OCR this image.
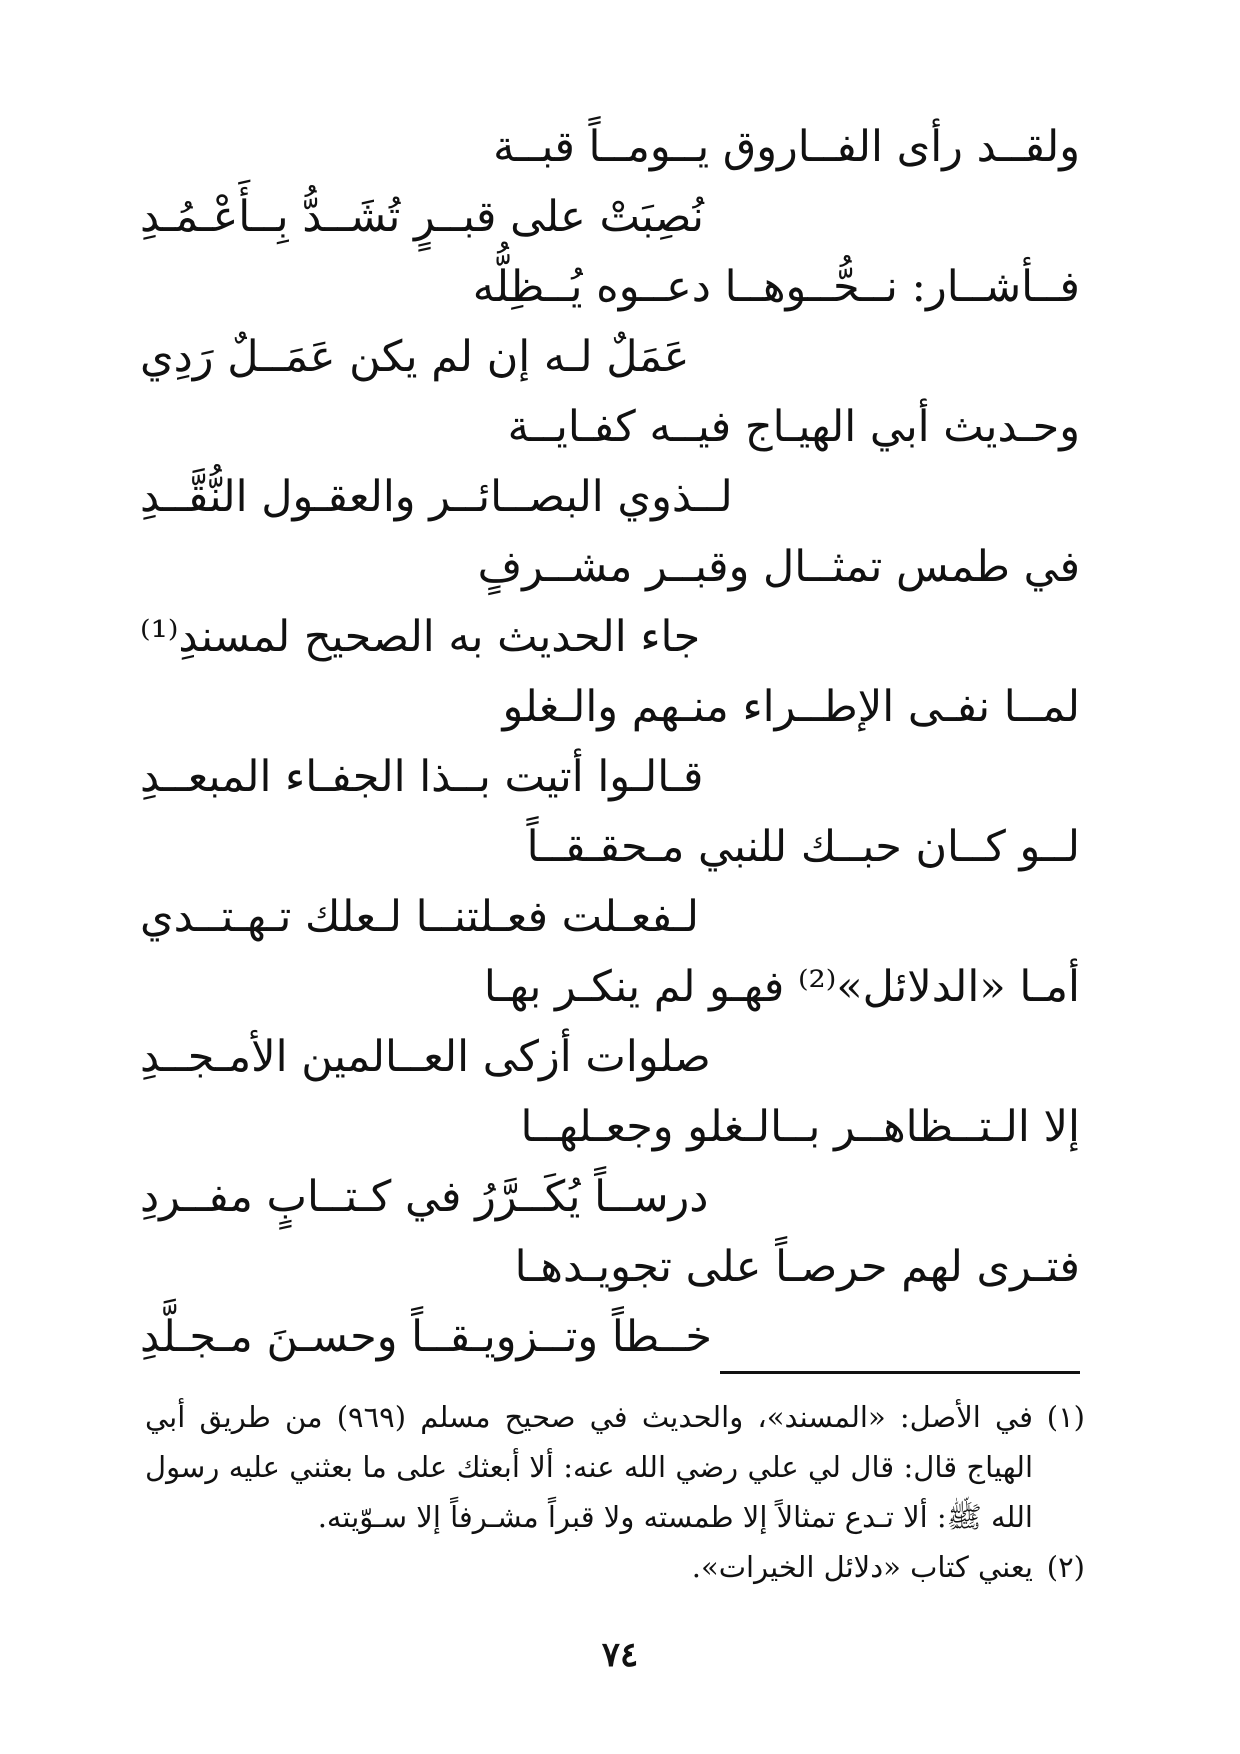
ولقــد رأى الفــاروق يــومــاً قبــة
نُصِبَتْ على قبــرٍ تُشَــدُّ بِــأَعْـمُـدِ
فــأشــار: نــحُّــوهــا دعــوه يُــظِلُّه
عَمَلٌ لـه إن لم يكن عَمَــلٌ رَدِي
وحـديث أبي الهيـاج فيــه كفـايــة
لــذوي البصــائــر والعقـول النُّقَّــدِ
في طمس تمثــال وقبــر مشــرفٍ
جاء الحديث به الصحيح لمسندِ⁽¹⁾
لمــا نفـى الإطــراء منـهم والـغلو
قـالـوا أتيت بــذا الجفـاء المبعــدِ
لــو كــان حبــك للنبي مـحقـقــاً
لـفعـلت فعـلتنــا لـعلك تـهـتــدي
أمـا «الدلائل»⁽²⁾ فهـو لم ينكـر بهـا
صلوات أزكى العــالمين الأمـجــدِ
إلا الـتــظاهــر بــالـغلو وجعـلهــا
درســاً يُكَــرَّرُ في كـتــابٍ مفــردِ
فتـرى لهم حرصـاً على تجويـدهـا
خــطاً وتــزويـقــاً وحسـنَ مـجـلَّدِ
(١)
في الأصل: «المسند»، والحديث في صحيح مسلم (٩٦٩) من طريق أبي الهياج قال: قال لي علي رضي الله عنه: ألا أبعثك على ما بعثني عليه رسول الله ﷺ: ألا تـدع تمثالاً إلا طمسته ولا قبراً مشـرفاً إلا سـوّيته.
(٢)
يعني كتاب «دلائل الخيرات».
٧٤
